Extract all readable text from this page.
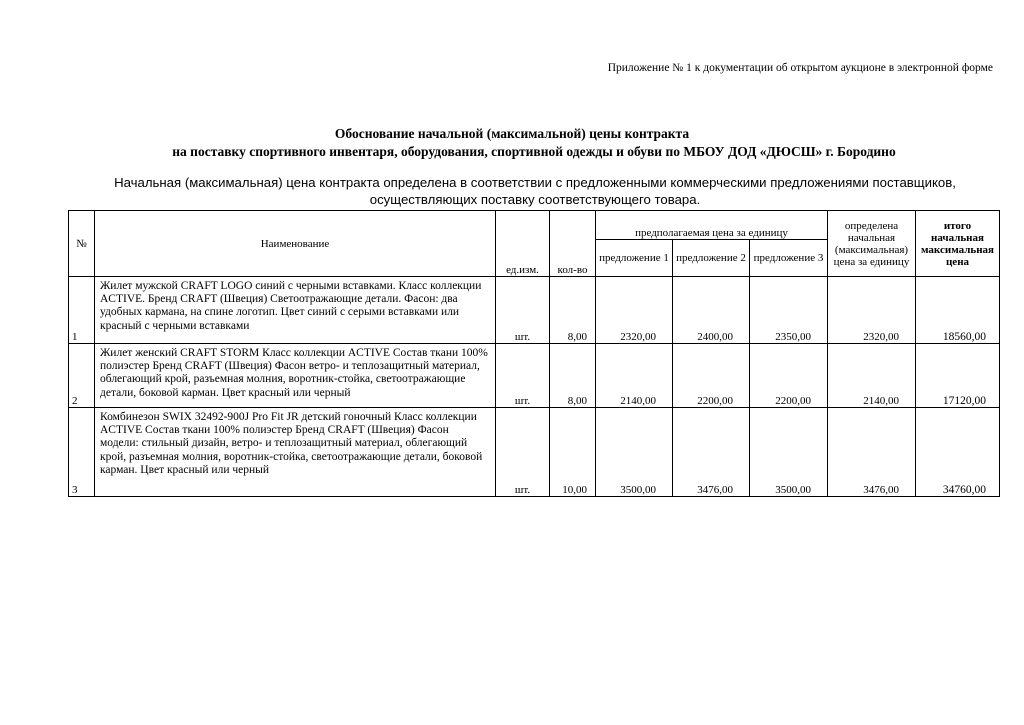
Приложение № 1 к документации об открытом аукционе в электронной форме
Обоснование начальной (максимальной) цены контракта
на поставку спортивного инвентаря, оборудования, спортивной одежды и обуви по МБОУ ДОД «ДЮСШ» г. Бородино
Начальная (максимальная) цена контракта определена в соответствии с предложенными коммерческими предложениями поставщиков,
осуществляющих поставку соответствующего товара.
№	Наименование	ед.изм.	кол-во	предполагаемая цена за единицу			определена начальная (максимальная) цена за единицу	итого начальная максимальная цена
				предложение 1	предложение 2	предложение 3		
1	Жилет мужской CRAFT LOGO синий с черными вставками. Класс коллекции ACTIVE. Бренд CRAFT (Швеция) Светоотражающие детали. Фасон: два удобных кармана, на спине логотип. Цвет синий с серыми вставками или красный с черными вставками	шт.	8,00	2320,00	2400,00	2350,00	2320,00	18560,00
2	Жилет женский CRAFT STORM Класс коллекции ACTIVE Состав ткани 100% полиэстер Бренд CRAFT (Швеция) Фасон ветро- и теплозащитный материал, облегающий крой, разъемная молния, воротник-стойка, светоотражающие детали, боковой карман. Цвет красный или черный	шт.	8,00	2140,00	2200,00	2200,00	2140,00	17120,00
3	Комбинезон SWIX 32492-900J Pro Fit JR детский гоночный Класс коллекции ACTIVE Состав ткани 100% полиэстер Бренд CRAFT (Швеция) Фасон модели: стильный дизайн, ветро- и теплозащитный материал, облегающий крой, разъемная молния, воротник-стойка, светоотражающие детали, боковой карман. Цвет красный или черный	шт.	10,00	3500,00	3476,00	3500,00	3476,00	34760,00
